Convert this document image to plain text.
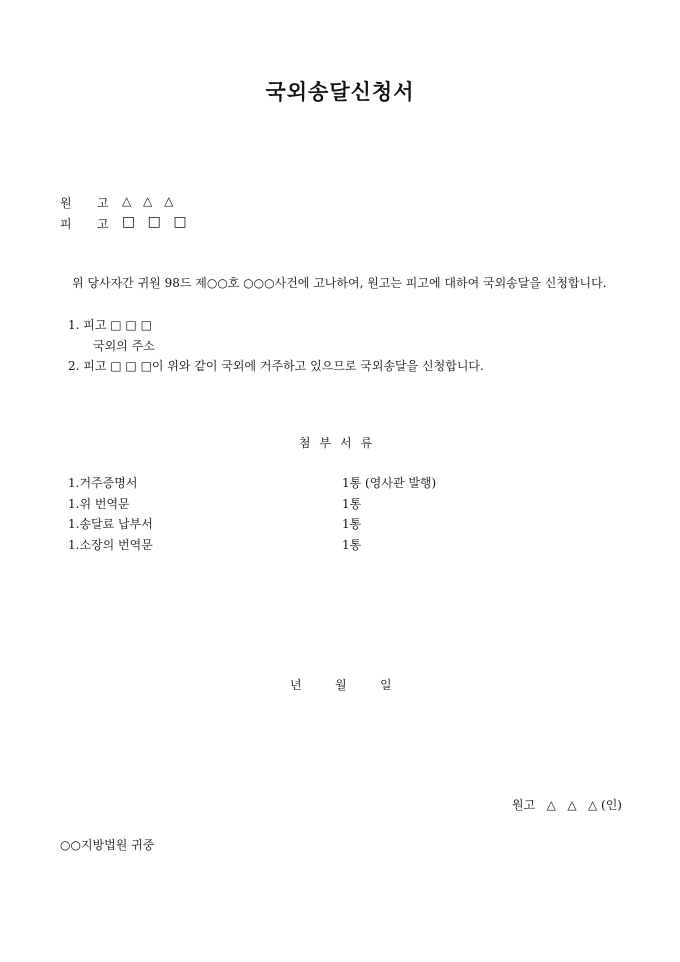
국외송달신청서
원 고 △ △ △
피 고 □ □ □
위 당사자간 귀원 98드 제○○호 ○○○사건에 고나하여, 원고는 피고에 대하여 국외송달을 신청합니다.
1. 피고 □ □ □
국외의 주소
2. 피고 □ □ □이 위와 같이 국외에 거주하고 있으므로 국외송달을 신청합니다.
첨부서류
1.거주증명서	1통 (영사관 발행)
1.위 번역문	1통
1.송달료 납부서	1통
1.소장의 번역문	1통
년	월	일
원고   △   △   △ (인)
○○지방법원 귀중
